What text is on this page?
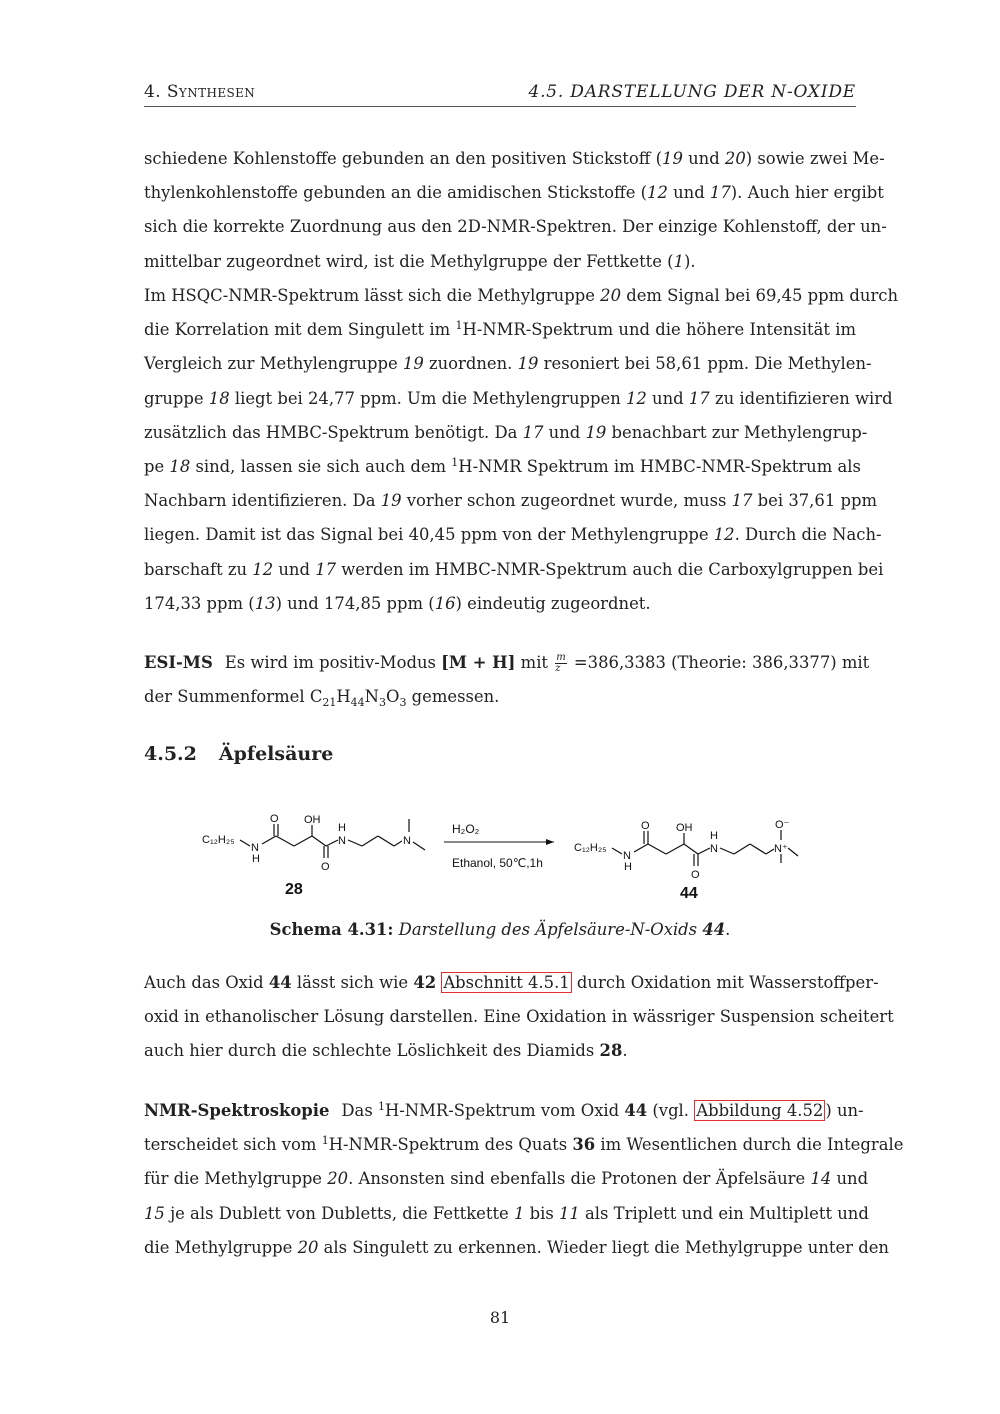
4. Synthesen	4.5. DARSTELLUNG DER N-OXIDE
schiedene Kohlenstoffe gebunden an den positiven Stickstoff (19 und 20) sowie zwei Me-
thylenkohlenstoffe gebunden an die amidischen Stickstoffe (12 und 17). Auch hier ergibt
sich die korrekte Zuordnung aus den 2D-NMR-Spektren. Der einzige Kohlenstoff, der un-
mittelbar zugeordnet wird, ist die Methylgruppe der Fettkette (1).
Im HSQC-NMR-Spektrum lässt sich die Methylgruppe 20 dem Signal bei 69,45 ppm durch
die Korrelation mit dem Singulett im $^1$H-NMR-Spektrum und die höhere Intensität im
Vergleich zur Methylengruppe 19 zuordnen. 19 resoniert bei 58,61 ppm. Die Methylen-
gruppe 18 liegt bei 24,77 ppm. Um die Methylengruppen 12 und 17 zu identifizieren wird
zusätzlich das HMBC-Spektrum benötigt. Da 17 und 19 benachbart zur Methylengrup-
pe 18 sind, lassen sie sich auch dem $^1$H-NMR Spektrum im HMBC-NMR-Spektrum als
Nachbarn identifizieren. Da 19 vorher schon zugeordnet wurde, muss 17 bei 37,61 ppm
liegen. Damit ist das Signal bei 40,45 ppm von der Methylengruppe 12. Durch die Nach-
barschaft zu 12 und 17 werden im HMBC-NMR-Spektrum auch die Carboxylgruppen bei
174,33 ppm (13) und 174,85 ppm (16) eindeutig zugeordnet.
ESI-MS Es wird im positiv-Modus [M + H] mit $\frac{m}{z} =386,3383$ (Theorie: 386,3377) mit
der Summenformel $C_{21}H_{44}N_3O_3$ gemessen.
4.5.2 Äpfelsäure
C₁₂H₂₅
N
H
O OH
O
H
N	N
28
H₂O₂
Ethanol, 50℃,1h
C₁₂H₂₅
N
H
O OH
O
H
N
O⁻
N⁺
44
Schema 4.31: Darstellung des Äpfelsäure-N-Oxids 44.
Auch das Oxid 44 lässt sich wie 42 Abschnitt 4.5.1 durch Oxidation mit Wasserstoffper-
oxid in ethanolischer Lösung darstellen. Eine Oxidation in wässriger Suspension scheitert
auch hier durch die schlechte Löslichkeit des Diamids 28.
NMR-Spektroskopie Das $^1$H-NMR-Spektrum vom Oxid 44 (vgl. Abbildung 4.52 ) un-
terscheidet sich vom $^1$H-NMR-Spektrum des Quats 36 im Wesentlichen durch die Integrale
für die Methylgruppe 20. Ansonsten sind ebenfalls die Protonen der Äpfelsäure 14 und
15 je als Dublett von Dubletts, die Fettkette 1 bis 11 als Triplett und ein Multiplett und
die Methylgruppe 20 als Singulett zu erkennen. Wieder liegt die Methylgruppe unter den
81
